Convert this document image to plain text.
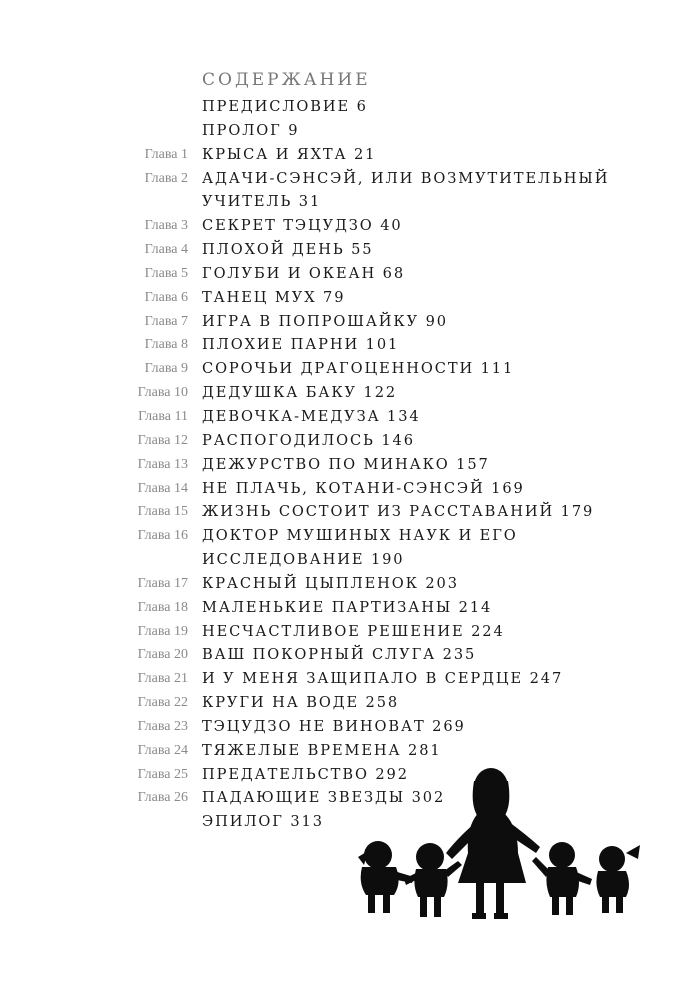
СОДЕРЖАНИЕ
ПРЕДИСЛОВИЕ 6
ПРОЛОГ 9
Глава 1 КРЫСА И ЯХТА 21
Глава 2 АДАЧИ-СЭНСЭЙ, ИЛИ ВОЗМУТИТЕЛЬНЫЙ
УЧИТЕЛЬ 31
Глава 3 СЕКРЕТ ТЭЦУДЗО 40
Глава 4 ПЛОХОЙ ДЕНЬ 55
Глава 5 ГОЛУБИ И ОКЕАН 68
Глава 6 ТАНЕЦ МУХ 79
Глава 7 ИГРА В ПОПРОШАЙКУ 90
Глава 8 ПЛОХИЕ ПАРНИ 101
Глава 9 СОРОЧЬИ ДРАГОЦЕННОСТИ 111
Глава 10 ДЕДУШКА БАКУ 122
Глава 11 ДЕВОЧКА-МЕДУЗА 134
Глава 12 РАСПОГОДИЛОСЬ 146
Глава 13 ДЕЖУРСТВО ПО МИНАКО 157
Глава 14 НЕ ПЛАЧЬ, КОТАНИ-СЭНСЭЙ 169
Глава 15 ЖИЗНЬ СОСТОИТ ИЗ РАССТАВАНИЙ 179
Глава 16 ДОКТОР МУШИНЫХ НАУК И ЕГО
ИССЛЕДОВАНИЕ 190
Глава 17 КРАСНЫЙ ЦЫПЛЕНОК 203
Глава 18 МАЛЕНЬКИЕ ПАРТИЗАНЫ 214
Глава 19 НЕСЧАСТЛИВОЕ РЕШЕНИЕ 224
Глава 20 ВАШ ПОКОРНЫЙ СЛУГА 235
Глава 21 И У МЕНЯ ЗАЩИПАЛО В СЕРДЦЕ 247
Глава 22 КРУГИ НА ВОДЕ 258
Глава 23 ТЭЦУДЗО НЕ ВИНОВАТ 269
Глава 24 ТЯЖЕЛЫЕ ВРЕМЕНА 281
Глава 25 ПРЕДАТЕЛЬСТВО 292
Глава 26 ПАДАЮЩИЕ ЗВЕЗДЫ 302
ЭПИЛОГ 313
